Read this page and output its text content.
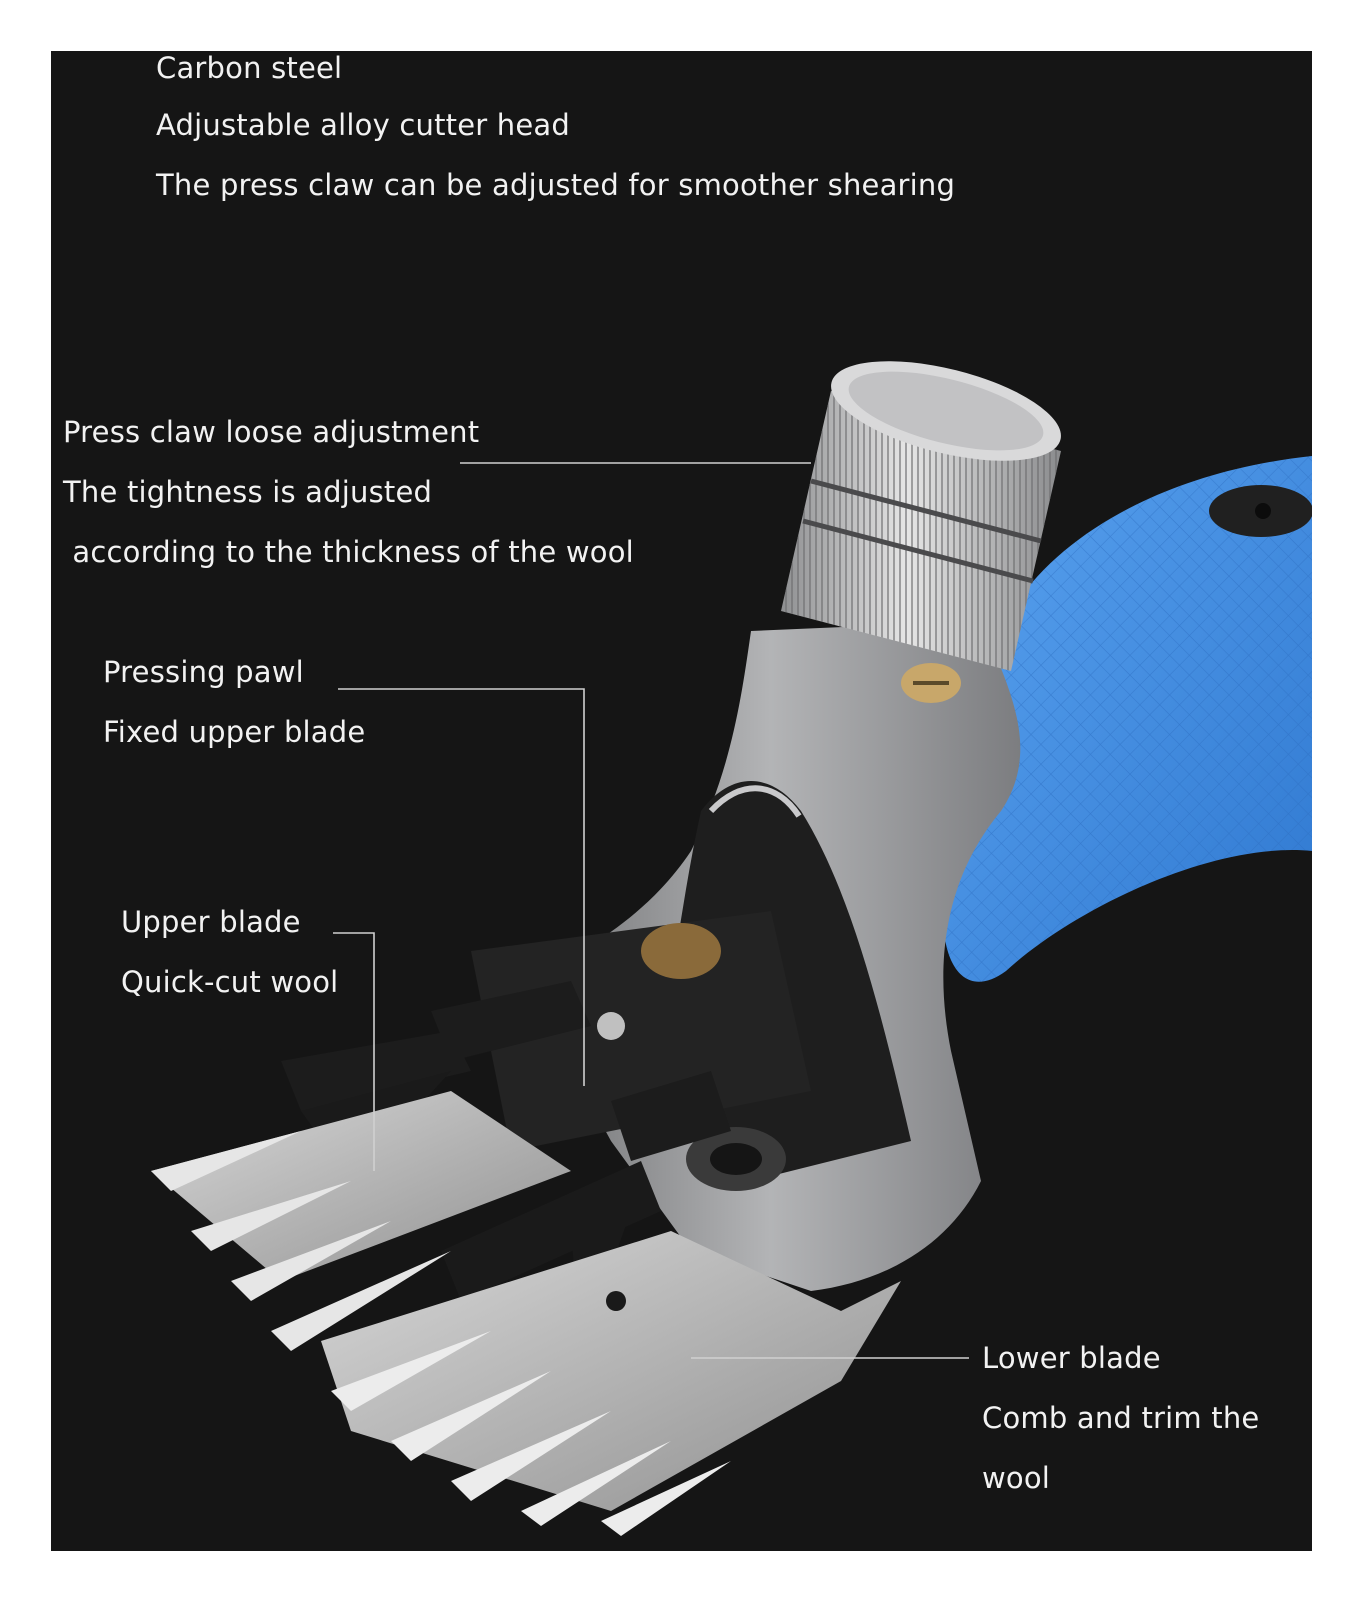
Carbon steel
Adjustable alloy cutter head
The press claw can be adjusted for smoother shearing
Press claw loose adjustment
The tightness is adjusted
according to the thickness of the wool
Pressing pawl
Fixed upper blade
Upper blade
Quick-cut wool
Lower blade
Comb and trim the
wool
